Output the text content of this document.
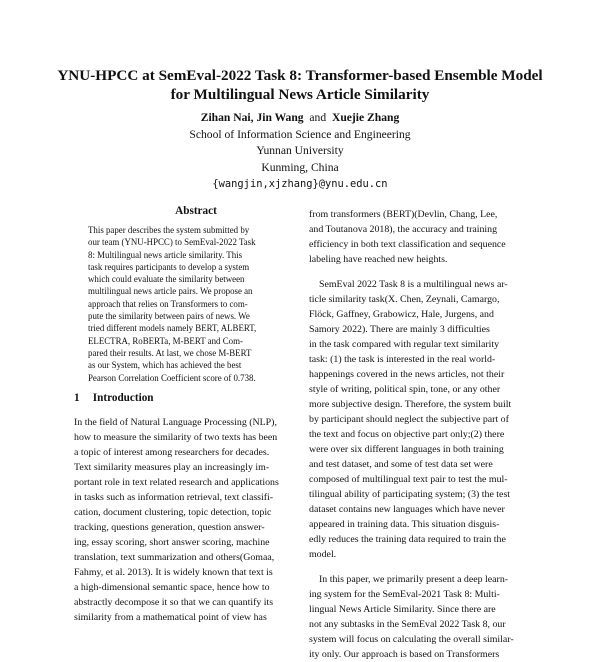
YNU-HPCC at SemEval-2022 Task 8: Transformer-based Ensemble Model
for Multilingual News Article Similarity
Zihan Nai, Jin Wang and Xuejie Zhang
School of Information Science and Engineering
Yunnan University
Kunming, China
{wangjin,xjzhang}@ynu.edu.cn
Abstract
This paper describes the system submitted by
our team (YNU-HPCC) to SemEval-2022 Task
8: Multilingual news article similarity. This
task requires participants to develop a system
which could evaluate the similarity between
multilingual news article pairs. We propose an
approach that relies on Transformers to com-
pute the similarity between pairs of news. We
tried different models namely BERT, ALBERT,
ELECTRA, RoBERTa, M-BERT and Com-
pared their results. At last, we chose M-BERT
as our System, which has achieved the best
Pearson Correlation Coefficient score of 0.738.
1 Introduction
In the field of Natural Language Processing (NLP),
how to measure the similarity of two texts has been
a topic of interest among researchers for decades.
Text similarity measures play an increasingly im-
portant role in text related research and applications
in tasks such as information retrieval, text classifi-
cation, document clustering, topic detection, topic
tracking, questions generation, question answer-
ing, essay scoring, short answer scoring, machine
translation, text summarization and others(Gomaa,
Fahmy, et al. 2013). It is widely known that text is
a high-dimensional semantic space, hence how to
abstractly decompose it so that we can quantify its
similarity from a mathematical point of view has
from transformers (BERT)(Devlin, Chang, Lee,
and Toutanova 2018), the accuracy and training
efficiency in both text classification and sequence
labeling have reached new heights.
SemEval 2022 Task 8 is a multilingual news ar-
ticle similarity task(X. Chen, Zeynali, Camargo,
Flöck, Gaffney, Grabowicz, Hale, Jurgens, and
Samory 2022). There are mainly 3 difficulties
in the task compared with regular text similarity
task: (1) the task is interested in the real world-
happenings covered in the news articles, not their
style of writing, political spin, tone, or any other
more subjective design. Therefore, the system built
by participant should neglect the subjective part of
the text and focus on objective part only;(2) there
were over six different languages in both training
and test dataset, and some of test data set were
composed of multilingual text pair to test the mul-
tilingual ability of participating system; (3) the test
dataset contains new languages which have never
appeared in training data. This situation disguis-
edly reduces the training data required to train the
model.
In this paper, we primarily present a deep learn-
ing system for the SemEval-2021 Task 8: Multi-
lingual News Article Similarity. Since there are
not any subtasks in the SemEval 2022 Task 8, our
system will focus on calculating the overall similar-
ity only. Our approach is based on Transformers
